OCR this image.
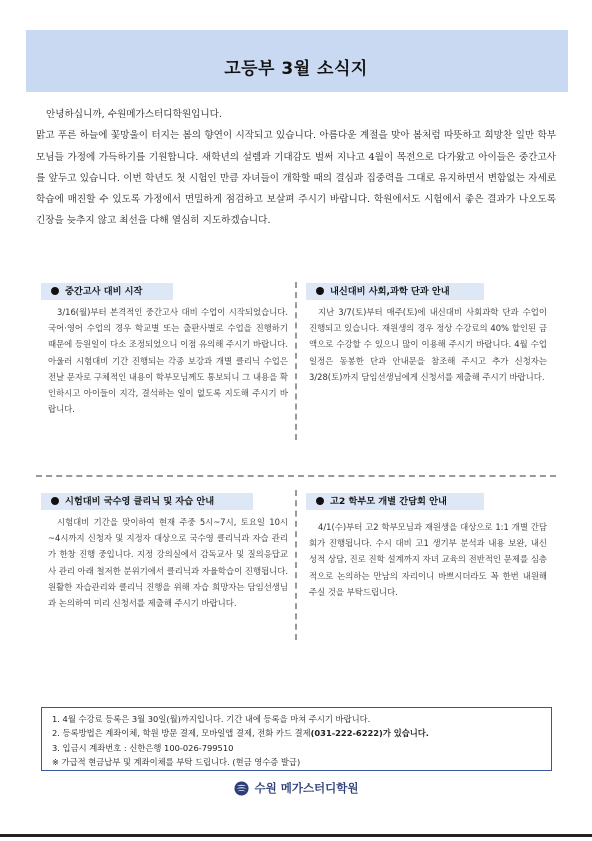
고등부 3월 소식지

안녕하십니까, 수원메가스터디학원입니다.

맑고 푸른 하늘에 꽃망울이 터지는 봄의 향연이 시작되고 있습니다. 아름다운 계절을 맞아 봄처럼 따뜻하고 희망찬 일만 학부모님들 가정에 가득하기를 기원합니다. 새학년의 설렘과 기대감도 벌써 지나고 4월이 목전으로 다가왔고 아이들은 중간고사를 앞두고 있습니다. 이번 학년도 첫 시험인 만큼 자녀들이 개학할 때의 결심과 집중력을 그대로 유지하면서 변함없는 자세로 학습에 매진할 수 있도록 가정에서 면밀하게 점검하고 보살펴 주시기 바랍니다. 학원에서도 시험에서 좋은 결과가 나오도록 긴장을 늦추지 않고 최선을 다해 열심히 지도하겠습니다.

중간고사 대비 시작

3/16(월)부터 본격적인 중간고사 대비 수업이 시작되었습니다. 국어·영어 수업의 경우 학교별 또는 출판사별로 수업을 진행하기 때문에 등원일이 다소 조정되었으니 이점 유의해 주시기 바랍니다. 아울러 시험대비 기간 진행되는 각종 보강과 개별 클리닉 수업은 전날 문자로 구체적인 내용이 학부모님께도 통보되니 그 내용을 확인하시고 아이들이 지각, 결석하는 일이 없도록 지도해 주시기 바랍니다.

내신대비 사회,과학 단과 안내

지난 3/7(토)부터 매주(토)에 내신대비 사회과학 단과 수업이 진행되고 있습니다. 재원생의 경우 정상 수강료의 40% 할인된 금액으로 수강할 수 있으니 많이 이용해 주시기 바랍니다. 4월 수업 일정은 동봉한 단과 안내문을 참조해 주시고 추가 신청자는 3/28(토)까지 담임선생님에게 신청서를 제출해 주시기 바랍니다.

시험대비 국수영 클리닉 및 자습 안내

시험대비 기간을 맞이하여 현재 주중 5시~7시, 토요일 10시~4시까지 신청자 및 지정자 대상으로 국수영 클리닉과 자습 관리가 한창 진행 중입니다. 지정 강의실에서 감독교사 및 질의응답교사 관리 아래 철저한 분위기에서 클리닉과 자율학습이 진행됩니다. 원활한 자습관리와 클리닉 진행을 위해 자습 희망자는 담임선생님과 논의하여 미리 신청서를 제출해 주시기 바랍니다.

고2 학부모 개별 간담회 안내

4/1(수)부터 고2 학부모님과 재원생을 대상으로 1:1 개별 간담회가 진행됩니다. 수시 대비 고1 생기부 분석과 내용 보완, 내신 성적 상담, 진로 진학 설계까지 자녀 교육의 전반적인 문제를 심층적으로 논의하는 만남의 자리이니 바쁘시더라도 꼭 한번 내원해 주실 것을 부탁드립니다.

1. 4월 수강료 등록은 3월 30일(월)까지입니다. 기간 내에 등록을 마쳐 주시기 바랍니다.
2. 등록방법은 계좌이체, 학원 방문 결제, 모바일앱 결제, 전화 카드 결제(031-222-6222)가 있습니다.
3. 입금시 계좌번호 : 신한은행 100-026-799510
※ 가급적 현금납부 및 계좌이체를 부탁 드립니다. (현금 영수증 발급)
수원 메가스터디학원
